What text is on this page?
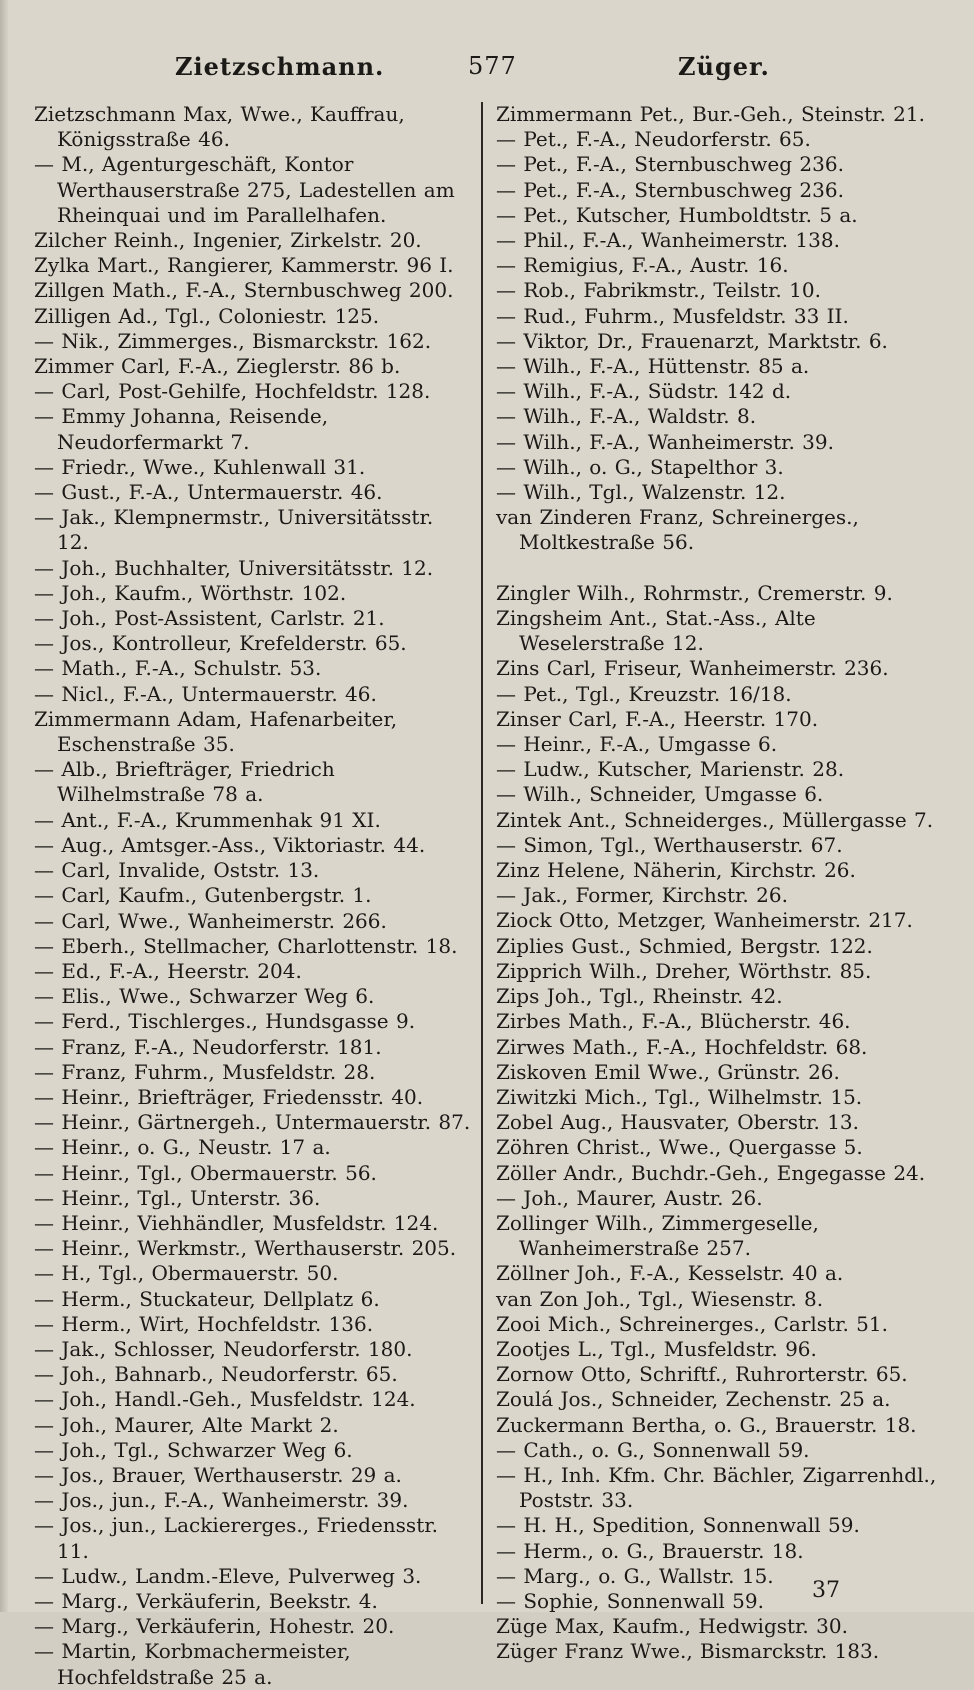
Zietzschmann.	577	Züger.
Zietzschmann Max, Wwe., Kauffrau, Königsstraße 46.
— M., Agenturgeschäft, Kontor Werthauserstraße 275, Ladestellen am Rheinquai und im Parallelhafen.
Zilcher Reinh., Ingenier, Zirkelstr. 20.
Zylka Mart., Rangierer, Kammerstr. 96 I.
Zillgen Math., F.-A., Sternbuschweg 200.
Zilligen Ad., Tgl., Coloniestr. 125.
— Nik., Zimmerges., Bismarckstr. 162.
Zimmer Carl, F.-A., Zieglerstr. 86 b.
— Carl, Post-Gehilfe, Hochfeldstr. 128.
— Emmy Johanna, Reisende, Neudorfermarkt 7.
— Friedr., Wwe., Kuhlenwall 31.
— Gust., F.-A., Untermauerstr. 46.
— Jak., Klempnermstr., Universitätsstr. 12.
— Joh., Buchhalter, Universitätsstr. 12.
— Joh., Kaufm., Wörthstr. 102.
— Joh., Post-Assistent, Carlstr. 21.
— Jos., Kontrolleur, Krefelderstr. 65.
— Math., F.-A., Schulstr. 53.
— Nicl., F.-A., Untermauerstr. 46.
Zimmermann Adam, Hafenarbeiter, Eschenstraße 35.
— Alb., Briefträger, Friedrich Wilhelmstraße 78 a.
— Ant., F.-A., Krummenhak 91 XI.
— Aug., Amtsger.-Ass., Viktoriastr. 44.
— Carl, Invalide, Oststr. 13.
— Carl, Kaufm., Gutenbergstr. 1.
— Carl, Wwe., Wanheimerstr. 266.
— Eberh., Stellmacher, Charlottenstr. 18.
— Ed., F.-A., Heerstr. 204.
— Elis., Wwe., Schwarzer Weg 6.
— Ferd., Tischlerges., Hundsgasse 9.
— Franz, F.-A., Neudorferstr. 181.
— Franz, Fuhrm., Musfeldstr. 28.
— Heinr., Briefträger, Friedensstr. 40.
— Heinr., Gärtnergeh., Untermauerstr. 87.
— Heinr., o. G., Neustr. 17 a.
— Heinr., Tgl., Obermauerstr. 56.
— Heinr., Tgl., Unterstr. 36.
— Heinr., Viehhändler, Musfeldstr. 124.
— Heinr., Werkmstr., Werthauserstr. 205.
— H., Tgl., Obermauerstr. 50.
— Herm., Stuckateur, Dellplatz 6.
— Herm., Wirt, Hochfeldstr. 136.
— Jak., Schlosser, Neudorferstr. 180.
— Joh., Bahnarb., Neudorferstr. 65.
— Joh., Handl.-Geh., Musfeldstr. 124.
— Joh., Maurer, Alte Markt 2.
— Joh., Tgl., Schwarzer Weg 6.
— Jos., Brauer, Werthauserstr. 29 a.
— Jos., jun., F.-A., Wanheimerstr. 39.
— Jos., jun., Lackiererges., Friedensstr. 11.
— Ludw., Landm.-Eleve, Pulverweg 3.
— Marg., Verkäuferin, Beekstr. 4.
— Marg., Verkäuferin, Hohestr. 20.
— Martin, Korbmachermeister, Hochfeldstraße 25 a.
Zimmermann Pet., Bur.-Geh., Steinstr. 21.
— Pet., F.-A., Neudorferstr. 65.
— Pet., F.-A., Sternbuschweg 236.
— Pet., F.-A., Sternbuschweg 236.
— Pet., Kutscher, Humboldtstr. 5 a.
— Phil., F.-A., Wanheimerstr. 138.
— Remigius, F.-A., Austr. 16.
— Rob., Fabrikmstr., Teilstr. 10.
— Rud., Fuhrm., Musfeldstr. 33 II.
— Viktor, Dr., Frauenarzt, Marktstr. 6.
— Wilh., F.-A., Hüttenstr. 85 a.
— Wilh., F.-A., Südstr. 142 d.
— Wilh., F.-A., Waldstr. 8.
— Wilh., F.-A., Wanheimerstr. 39.
— Wilh., o. G., Stapelthor 3.
— Wilh., Tgl., Walzenstr. 12.
van Zinderen Franz, Schreinerges., Moltkestraße 56.
Zingler Wilh., Rohrmstr., Cremerstr. 9.
Zingsheim Ant., Stat.-Ass., Alte Weselerstraße 12.
Zins Carl, Friseur, Wanheimerstr. 236.
— Pet., Tgl., Kreuzstr. 16/18.
Zinser Carl, F.-A., Heerstr. 170.
— Heinr., F.-A., Umgasse 6.
— Ludw., Kutscher, Marienstr. 28.
— Wilh., Schneider, Umgasse 6.
Zintek Ant., Schneiderges., Müllergasse 7.
— Simon, Tgl., Werthauserstr. 67.
Zinz Helene, Näherin, Kirchstr. 26.
— Jak., Former, Kirchstr. 26.
Ziock Otto, Metzger, Wanheimerstr. 217.
Ziplies Gust., Schmied, Bergstr. 122.
Zipprich Wilh., Dreher, Wörthstr. 85.
Zips Joh., Tgl., Rheinstr. 42.
Zirbes Math., F.-A., Blücherstr. 46.
Zirwes Math., F.-A., Hochfeldstr. 68.
Ziskoven Emil Wwe., Grünstr. 26.
Ziwitzki Mich., Tgl., Wilhelmstr. 15.
Zobel Aug., Hausvater, Oberstr. 13.
Zöhren Christ., Wwe., Quergasse 5.
Zöller Andr., Buchdr.-Geh., Engegasse 24.
— Joh., Maurer, Austr. 26.
Zollinger Wilh., Zimmergeselle, Wanheimerstraße 257.
Zöllner Joh., F.-A., Kesselstr. 40 a.
van Zon Joh., Tgl., Wiesenstr. 8.
Zooi Mich., Schreinerges., Carlstr. 51.
Zootjes L., Tgl., Musfeldstr. 96.
Zornow Otto, Schriftf., Ruhrorterstr. 65.
Zoulá Jos., Schneider, Zechenstr. 25 a.
Zuckermann Bertha, o. G., Brauerstr. 18.
— Cath., o. G., Sonnenwall 59.
— H., Inh. Kfm. Chr. Bächler, Zigarrenhdl., Poststr. 33.
— H. H., Spedition, Sonnenwall 59.
— Herm., o. G., Brauerstr. 18.
— Marg., o. G., Wallstr. 15.
— Sophie, Sonnenwall 59.
Züge Max, Kaufm., Hedwigstr. 30.
Züger Franz Wwe., Bismarckstr. 183.
37
